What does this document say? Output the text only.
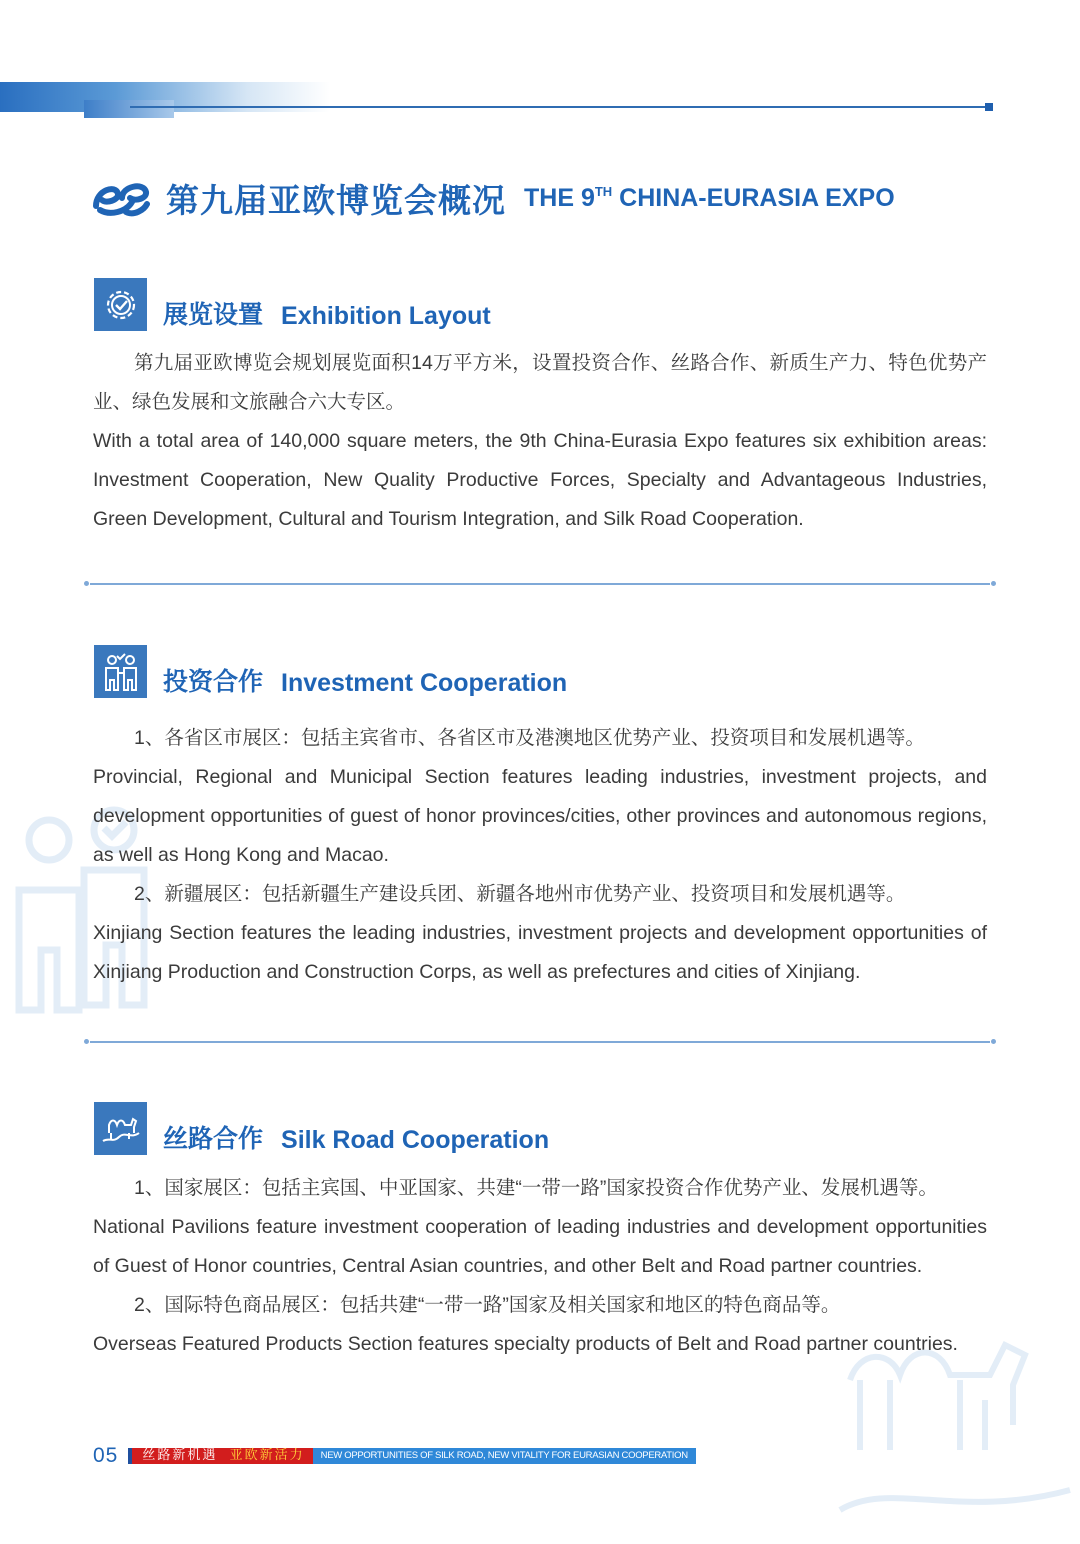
第九届亚欧博览会概况 THE 9TH CHINA-EURASIA EXPO
展览设置 Exhibition Layout

第九届亚欧博览会规划展览面积14万平方米，设置投资合作、丝路合作、新质生产力、特色优势产业、绿色发展和文旅融合六大专区。

With a total area of 140,000 square meters, the 9th China-Eurasia Expo features six exhibition areas: Investment Cooperation, New Quality Productive Forces, Specialty and Advantageous Industries, Green Development, Cultural and Tourism Integration, and Silk Road Cooperation.

投资合作 Investment Cooperation

1、各省区市展区：包括主宾省市、各省区市及港澳地区优势产业、投资项目和发展机遇等。

Provincial, Regional and Municipal Section features leading industries, investment projects, and development opportunities of guest of honor provinces/cities, other provinces and autonomous regions, as well as Hong Kong and Macao.

2、新疆展区：包括新疆生产建设兵团、新疆各地州市优势产业、投资项目和发展机遇等。

Xinjiang Section features the leading industries, investment projects and development opportunities of Xinjiang Production and Construction Corps, as well as prefectures and cities of Xinjiang.

丝路合作 Silk Road Cooperation

1、国家展区：包括主宾国、中亚国家、共建“一带一路”国家投资合作优势产业、发展机遇等。

National Pavilions feature investment cooperation of leading industries and development opportunities of Guest of Honor countries, Central Asian countries, and other Belt and Road partner countries.

2、国际特色商品展区：包括共建“一带一路”国家及相关国家和地区的特色商品等。

Overseas Featured Products Section features specialty products of Belt and Road partner countries.

05	丝路新机遇 亚欧新活力	NEW OPPORTUNITIES OF SILK ROAD, NEW VITALITY FOR EURASIAN COOPERATION
